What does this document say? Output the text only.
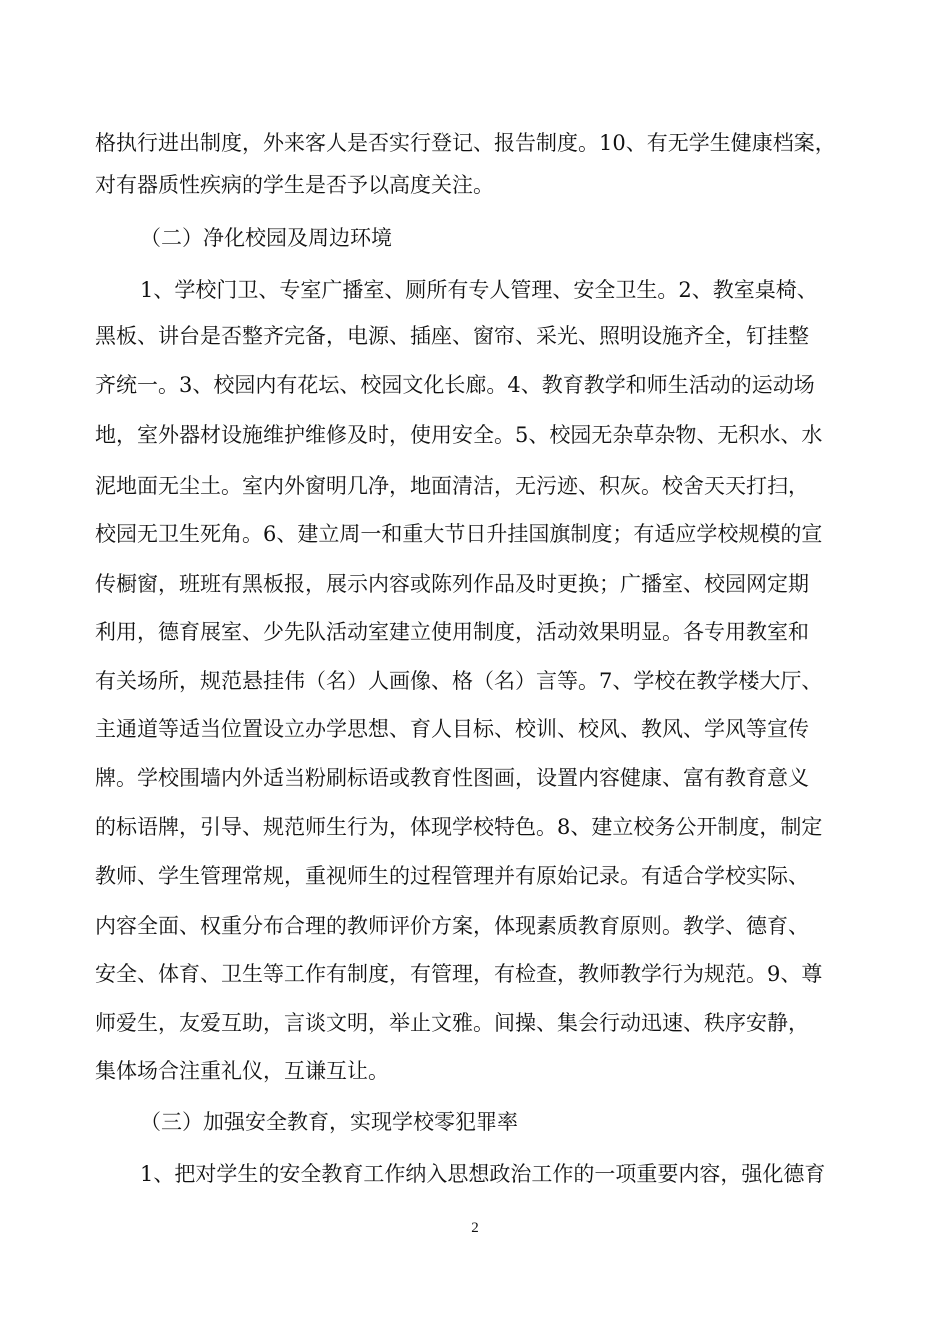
格执行进出制度，外来客人是否实行登记、报告制度。10、有无学生健康档案，
对有器质性疾病的学生是否予以高度关注。
（二）净化校园及周边环境
1、学校门卫、专室广播室、厕所有专人管理、安全卫生。2、教室桌椅、
黑板、讲台是否整齐完备，电源、插座、窗帘、采光、照明设施齐全，钉挂整
齐统一。3、校园内有花坛、校园文化长廊。4、教育教学和师生活动的运动场
地，室外器材设施维护维修及时，使用安全。5、校园无杂草杂物、无积水、水
泥地面无尘土。室内外窗明几净，地面清洁，无污迹、积灰。校舍天天打扫，
校园无卫生死角。6、建立周一和重大节日升挂国旗制度；有适应学校规模的宣
传橱窗，班班有黑板报，展示内容或陈列作品及时更换；广播室、校园网定期
利用，德育展室、少先队活动室建立使用制度，活动效果明显。各专用教室和
有关场所，规范悬挂伟（名）人画像、格（名）言等。7、学校在教学楼大厅、
主通道等适当位置设立办学思想、育人目标、校训、校风、教风、学风等宣传
牌。学校围墙内外适当粉刷标语或教育性图画，设置内容健康、富有教育意义
的标语牌，引导、规范师生行为，体现学校特色。8、建立校务公开制度，制定
教师、学生管理常规，重视师生的过程管理并有原始记录。有适合学校实际、
内容全面、权重分布合理的教师评价方案，体现素质教育原则。教学、德育、
安全、体育、卫生等工作有制度，有管理，有检查，教师教学行为规范。9、尊
师爱生，友爱互助，言谈文明，举止文雅。间操、集会行动迅速、秩序安静，
集体场合注重礼仪，互谦互让。
（三）加强安全教育，实现学校零犯罪率
1、把对学生的安全教育工作纳入思想政治工作的一项重要内容，强化德育
2
